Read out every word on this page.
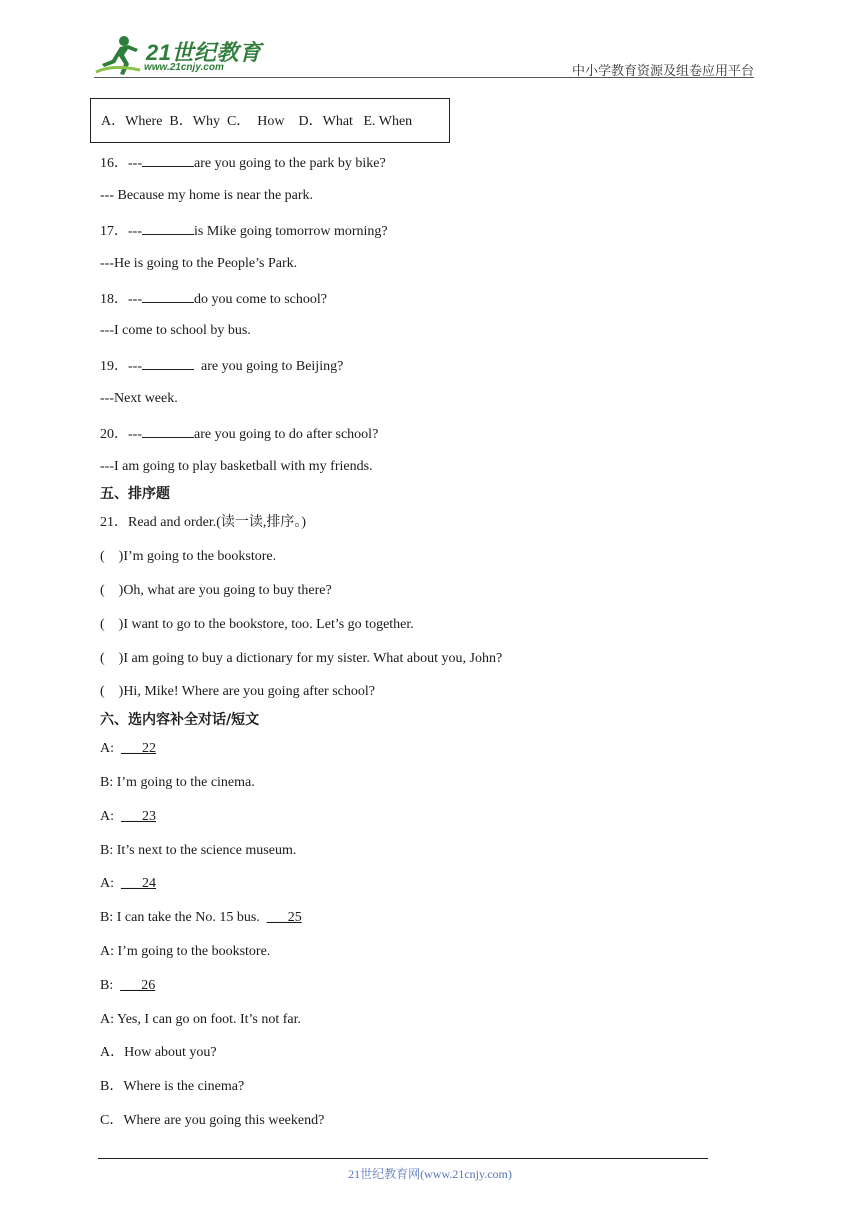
21世纪教育
www.21cnjy.com	中小学教育资源及组卷应用平台
A．Where  B．Why  C．  How    D．What   E. When
16．---	are you going to the park by bike?
--- Because my home is near the park.
17．---	is Mike going tomorrow morning?
---He is going to the People’s Park.
18．---	do you come to school?
---I come to school by bus.
19．---	are you going to Beijing?
---Next week.
20．---	are you going to do after school?
---I am going to play basketball with my friends.
五、排序题
21．Read and order.(读一读,排序。)
(    )I’m going to the bookstore.
(    )Oh, what are you going to buy there?
(    )I want to go to the bookstore, too. Let’s go together.
(    )I am going to buy a dictionary for my sister. What about you, John?
(    )Hi, Mike! Where are you going after school?
六、选内容补全对话/短文
A:  ___22
B: I’m going to the cinema.
A:  ___23
B: It’s next to the science museum.
A:  ___24
B: I can take the No. 15 bus.  ___25
A: I’m going to the bookstore.
B:  ___26
A: Yes, I can go on foot. It’s not far.
A．How about you?
B．Where is the cinema?
C．Where are you going this weekend?
21世纪教育网(www.21cnjy.com)
